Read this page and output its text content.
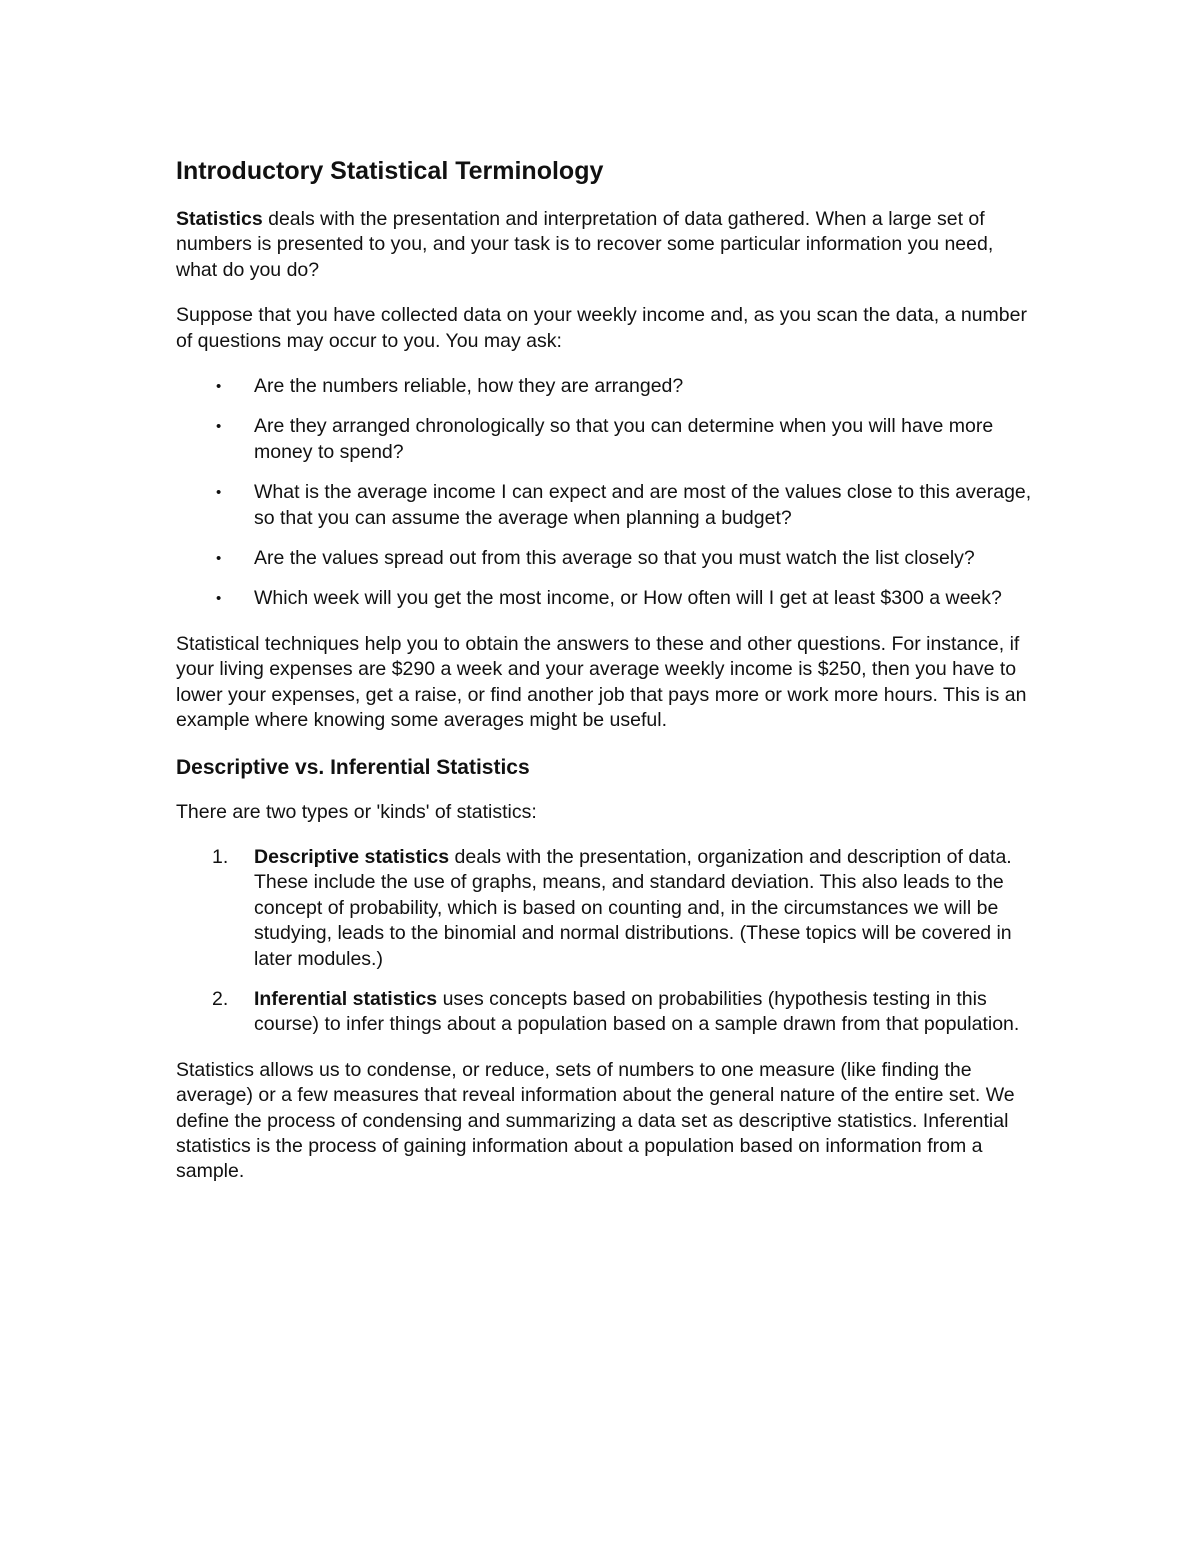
Introductory Statistical Terminology

Statistics deals with the presentation and interpretation of data gathered. When a large set of numbers is presented to you, and your task is to recover some particular information you need, what do you do?

Suppose that you have collected data on your weekly income and, as you scan the data, a number of questions may occur to you. You may ask:

• Are the numbers reliable, how they are arranged?
• Are they arranged chronologically so that you can determine when you will have more money to spend?
• What is the average income I can expect and are most of the values close to this average, so that you can assume the average when planning a budget?
• Are the values spread out from this average so that you must watch the list closely?
• Which week will you get the most income, or How often will I get at least $300 a week?

Statistical techniques help you to obtain the answers to these and other questions. For instance, if your living expenses are $290 a week and your average weekly income is $250, then you have to lower your expenses, get a raise, or find another job that pays more or work more hours. This is an example where knowing some averages might be useful.

Descriptive vs. Inferential Statistics

There are two types or 'kinds' of statistics:

1. Descriptive statistics deals with the presentation, organization and description of data. These include the use of graphs, means, and standard deviation. This also leads to the concept of probability, which is based on counting and, in the circumstances we will be studying, leads to the binomial and normal distributions. (These topics will be covered in later modules.)
2. Inferential statistics uses concepts based on probabilities (hypothesis testing in this course) to infer things about a population based on a sample drawn from that population.

Statistics allows us to condense, or reduce, sets of numbers to one measure (like finding the average) or a few measures that reveal information about the general nature of the entire set. We define the process of condensing and summarizing a data set as descriptive statistics. Inferential statistics is the process of gaining information about a population based on information from a sample.
